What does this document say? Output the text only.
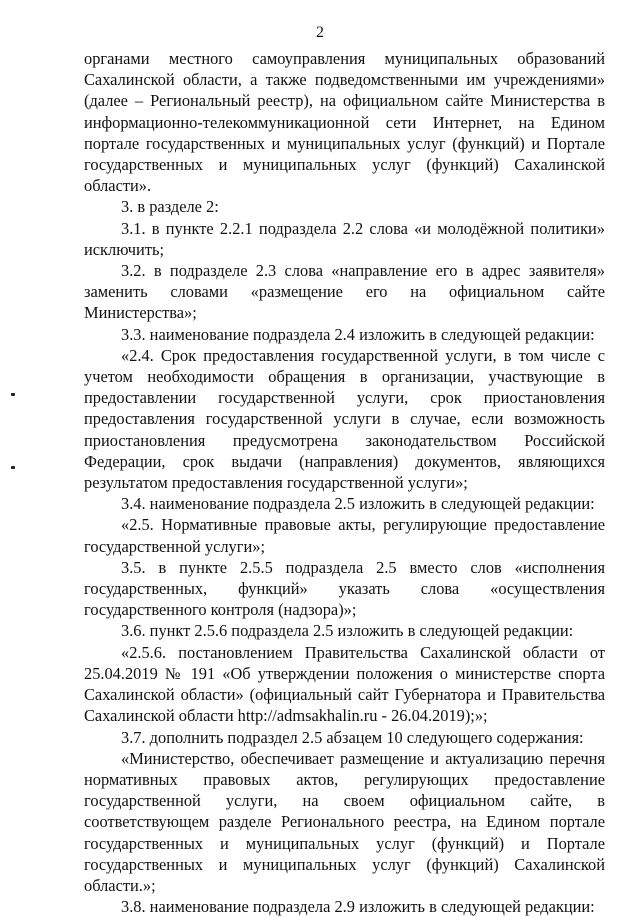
2

органами местного самоуправления муниципальных образований Сахалинской области, а также подведомственными им учреждениями» (далее – Региональный реестр), на официальном сайте Министерства в информационно-телекоммуникационной сети Интернет, на Едином портале государственных и муниципальных услуг (функций) и Портале государственных и муниципальных услуг (функций) Сахалинской области».

3. в разделе 2:

3.1. в пункте 2.2.1 подраздела 2.2 слова «и молодёжной политики» исключить;

3.2. в подразделе 2.3 слова «направление его в адрес заявителя» заменить словами «размещение его на официальном сайте Министерства»;

3.3. наименование подраздела 2.4 изложить в следующей редакции:

«2.4. Срок предоставления государственной услуги, в том числе с учетом необходимости обращения в организации, участвующие в предоставлении государственной услуги, срок приостановления предоставления государственной услуги в случае, если возможность приостановления предусмотрена законодательством Российской Федерации, срок выдачи (направления) документов, являющихся результатом предоставления государственной услуги»;

3.4. наименование подраздела 2.5 изложить в следующей редакции:

«2.5. Нормативные правовые акты, регулирующие предоставление государственной услуги»;

3.5. в пункте 2.5.5 подраздела 2.5 вместо слов «исполнения государственных, функций» указать слова «осуществления государственного контроля (надзора)»;

3.6. пункт 2.5.6 подраздела 2.5 изложить в следующей редакции:

«2.5.6. постановлением Правительства Сахалинской области от 25.04.2019 № 191 «Об утверждении положения о министерстве спорта Сахалинской области» (официальный сайт Губернатора и Правительства Сахалинской области http://admsakhalin.ru - 26.04.2019);»;

3.7. дополнить подраздел 2.5 абзацем 10 следующего содержания:

«Министерство, обеспечивает размещение и актуализацию перечня нормативных правовых актов, регулирующих предоставление государственной услуги, на своем официальном сайте, в соответствующем разделе Регионального реестра, на Едином портале государственных и муниципальных услуг (функций) и Портале государственных и муниципальных услуг (функций) Сахалинской области.»;

3.8. наименование подраздела 2.9 изложить в следующей редакции:
